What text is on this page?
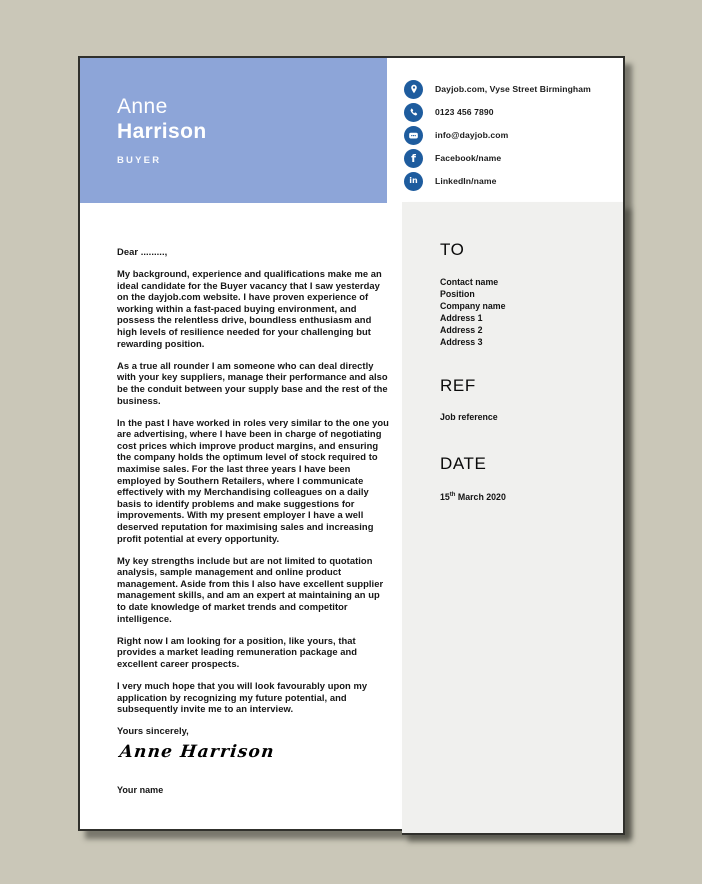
Anne
Harrison
BUYER
Dayjob.com, Vyse Street Birmingham
0123 456 7890
info@dayjob.com
f	Facebook/name
in	LinkedIn/name
TO
Contact name
Position
Company name
Address 1
Address 2
Address 3
REF
Job reference
DATE
15th March 2020

Dear .........,

My background, experience and qualifications make me an ideal candidate for the Buyer vacancy that I saw yesterday on the dayjob.com website. I have proven experience of working within a fast-paced buying environment, and possess the relentless drive, boundless enthusiasm and high levels of resilience needed for your challenging but rewarding position.

As a true all rounder I am someone who can deal directly with your key suppliers, manage their performance and also be the conduit between your supply base and the rest of the business.

In the past I have worked in roles very similar to the one you are advertising, where I have been in charge of negotiating cost prices which improve product margins, and ensuring the company holds the optimum level of stock required to maximise sales. For the last three years I have been employed by Southern Retailers, where I communicate effectively with my Merchandising colleagues on a daily basis to identify problems and make suggestions for improvements. With my present employer I have a well deserved reputation for maximising sales and increasing profit potential at every opportunity.

My key strengths include but are not limited to quotation analysis, sample management and online product management. Aside from this I also have excellent supplier management skills, and am an expert at maintaining an up to date knowledge of market trends and competitor intelligence.

Right now I am looking for a position, like yours, that provides a market leading remuneration package and excellent career prospects.

I very much hope that you will look favourably upon my application by recognizing my future potential, and subsequently invite me to an interview.

Yours sincerely,

Anne Harrison
Your name
